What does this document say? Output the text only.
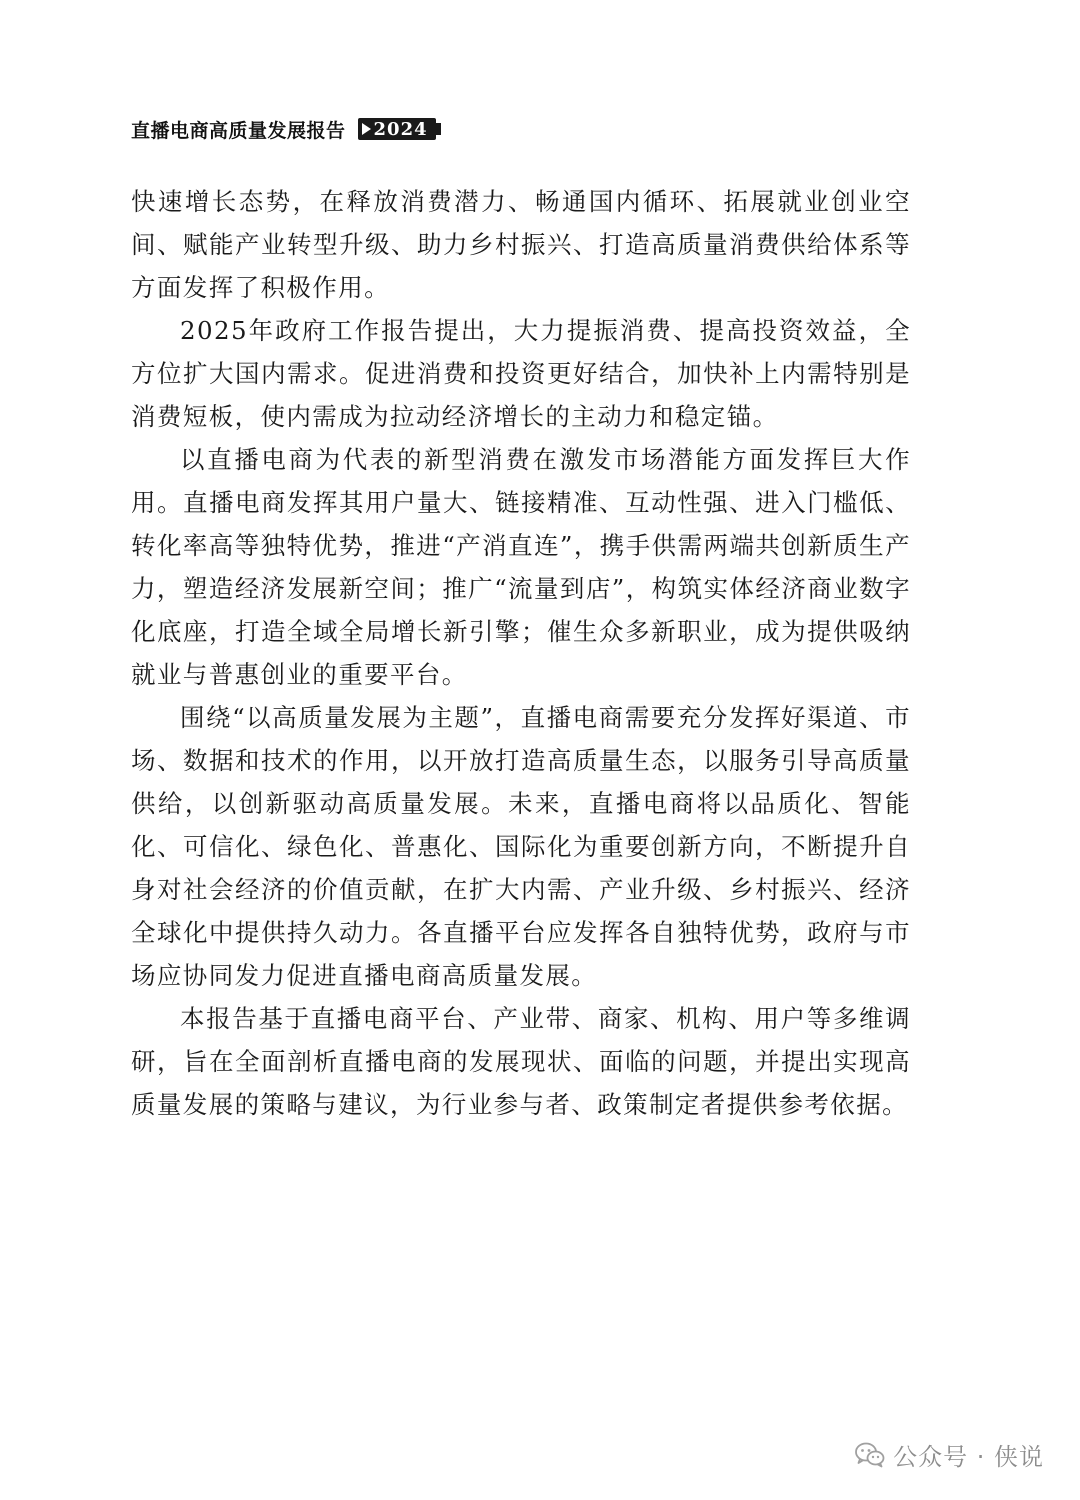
直播电商高质量发展报告 2024

快速增长态势，在释放消费潜力、畅通国内循环、拓展就业创业空间、赋能产业转型升级、助力乡村振兴、打造高质量消费供给体系等方面发挥了积极作用。

2025年政府工作报告提出，大力提振消费、提高投资效益，全方位扩大国内需求。促进消费和投资更好结合，加快补上内需特别是消费短板，使内需成为拉动经济增长的主动力和稳定锚。

以直播电商为代表的新型消费在激发市场潜能方面发挥巨大作用。直播电商发挥其用户量大、链接精准、互动性强、进入门槛低、转化率高等独特优势，推进“产消直连”，携手供需两端共创新质生产力，塑造经济发展新空间；推广“流量到店”，构筑实体经济商业数字化底座，打造全域全局增长新引擎；催生众多新职业，成为提供吸纳就业与普惠创业的重要平台。

围绕“以高质量发展为主题”，直播电商需要充分发挥好渠道、市场、数据和技术的作用，以开放打造高质量生态，以服务引导高质量供给，以创新驱动高质量发展。未来，直播电商将以品质化、智能化、可信化、绿色化、普惠化、国际化为重要创新方向，不断提升自身对社会经济的价值贡献，在扩大内需、产业升级、乡村振兴、经济全球化中提供持久动力。各直播平台应发挥各自独特优势，政府与市场应协同发力促进直播电商高质量发展。

本报告基于直播电商平台、产业带、商家、机构、用户等多维调研，旨在全面剖析直播电商的发展现状、面临的问题，并提出实现高质量发展的策略与建议，为行业参与者、政策制定者提供参考依据。

公众号 · 侠说
